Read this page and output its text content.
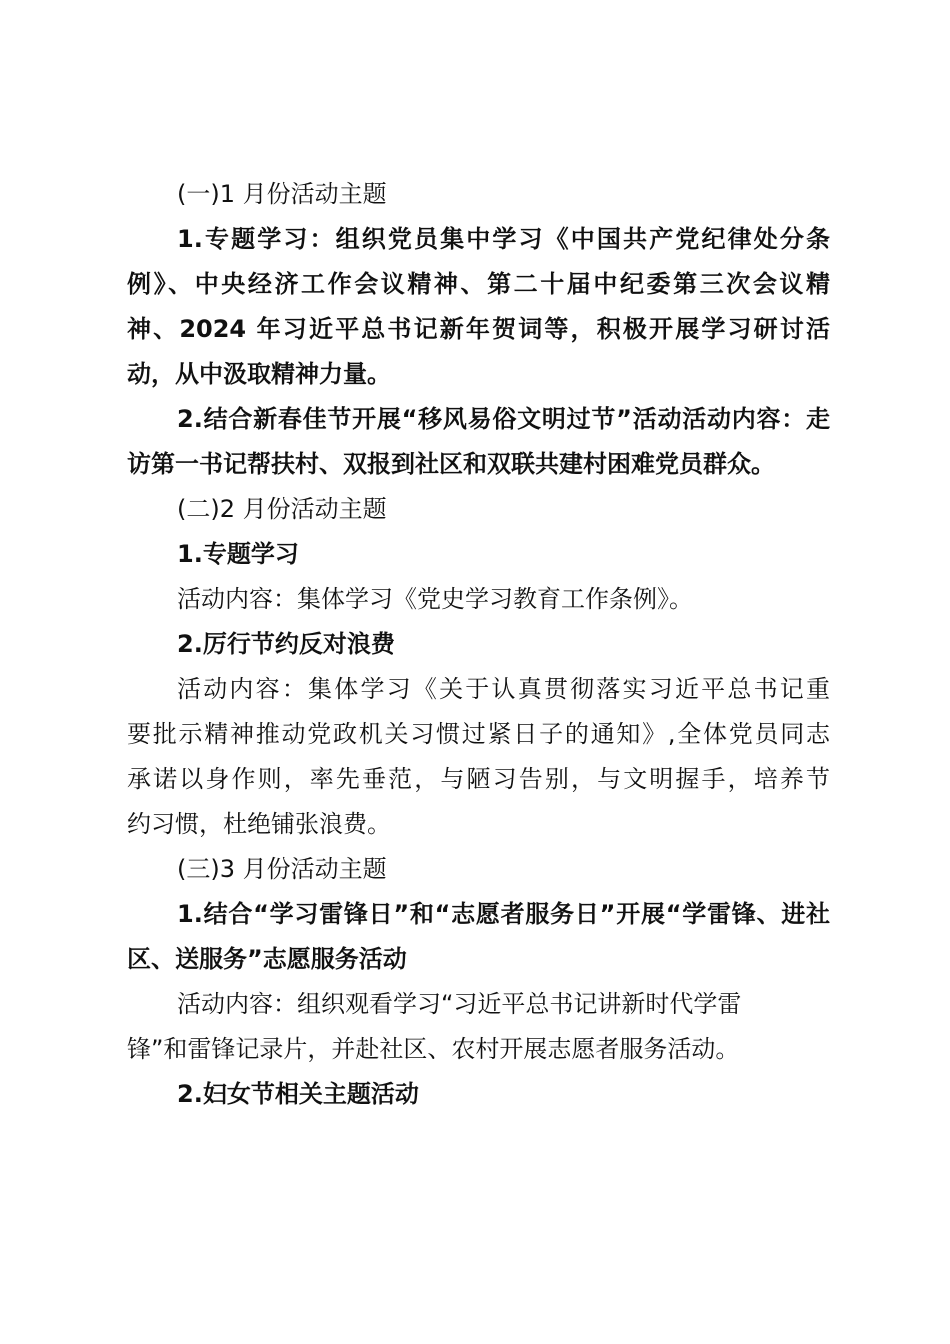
(一)1 月份活动主题
1.专题学习：组织党员集中学习《中国共产党纪律处分条
例》、中央经济工作会议精神、第二十届中纪委第三次会议精
神、2024 年习近平总书记新年贺词等，积极开展学习研讨活
动，从中汲取精神力量。
2.结合新春佳节开展“移风易俗文明过节”活动活动内容：走
访第一书记帮扶村、双报到社区和双联共建村困难党员群众。
(二)2 月份活动主题
1.专题学习
活动内容：集体学习《党史学习教育工作条例》。
2.厉行节约反对浪费
活动内容：集体学习《关于认真贯彻落实习近平总书记重
要批示精神推动党政机关习惯过紧日子的通知》,全体党员同志
承诺以身作则，率先垂范，与陋习告别，与文明握手，培养节
约习惯，杜绝铺张浪费。
(三)3 月份活动主题
1.结合“学习雷锋日”和“志愿者服务日”开展“学雷锋、进社
区、送服务”志愿服务活动
活动内容：组织观看学习“习近平总书记讲新时代学雷
锋”和雷锋记录片，并赴社区、农村开展志愿者服务活动。
2.妇女节相关主题活动
